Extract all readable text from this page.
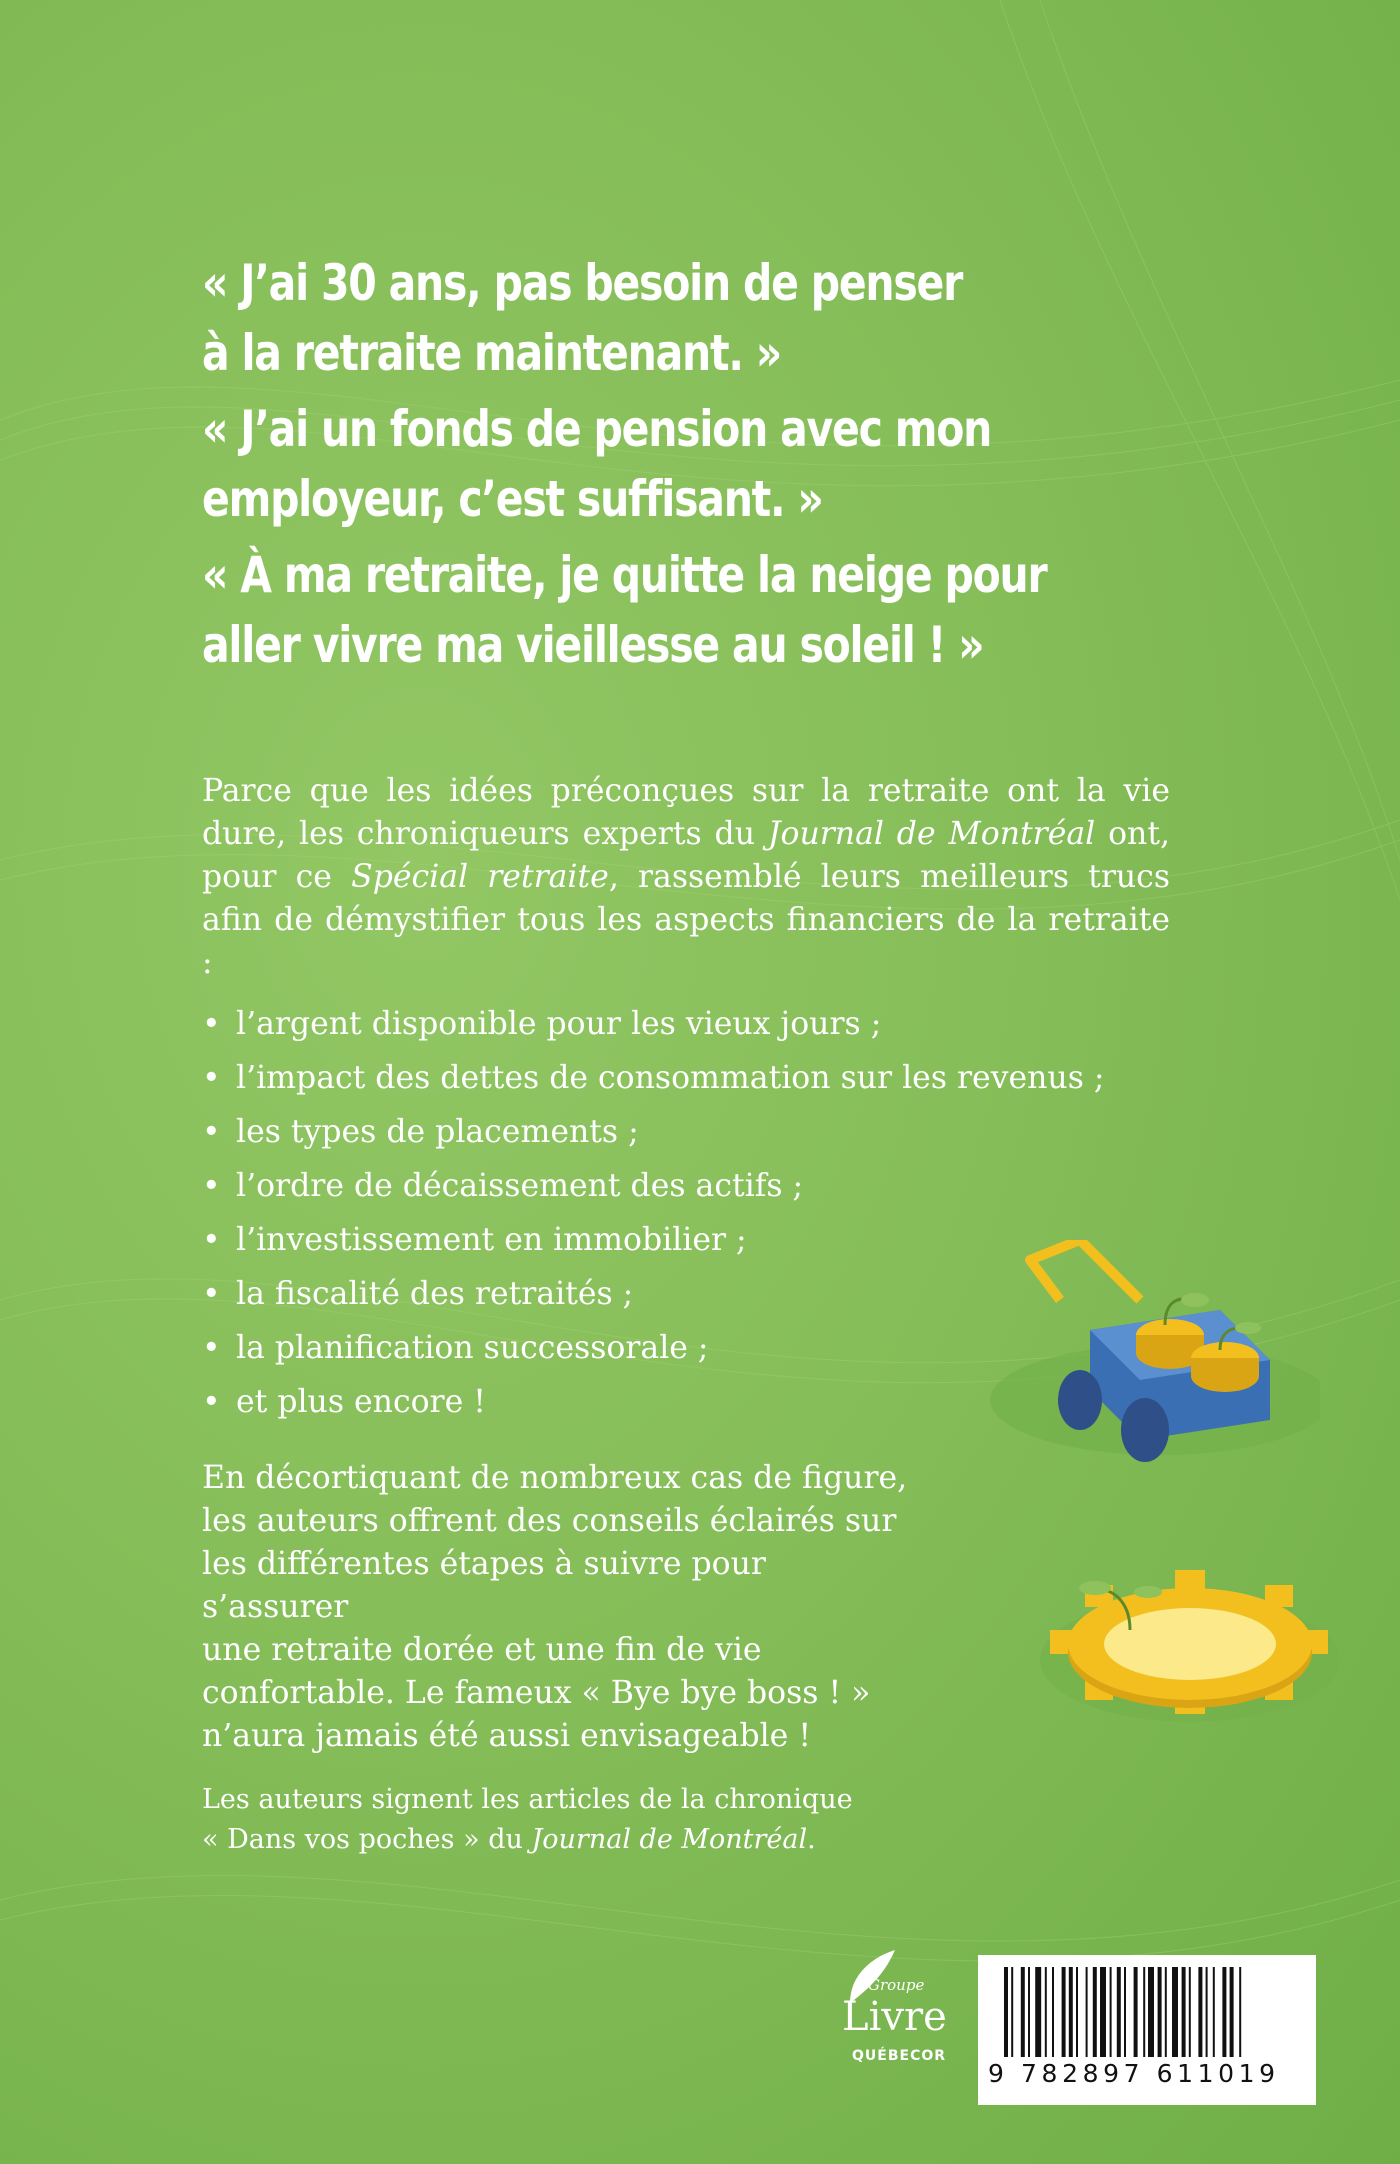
« J’ai 30 ans, pas besoin de penser
à la retraite maintenant. »
« J’ai un fonds de pension avec mon
employeur, c’est suffisant. »
« À ma retraite, je quitte la neige pour
aller vivre ma vieillesse au soleil ! »

Parce que les idées préconçues sur la retraite ont la vie dure, les chroniqueurs experts du Journal de Montréal ont, pour ce Spécial retraite, rassemblé leurs meilleurs trucs afin de démystifier tous les aspects financiers de la retraite :

• l’argent disponible pour les vieux jours ;
• l’impact des dettes de consommation sur les revenus ;
• les types de placements ;
• l’ordre de décaissement des actifs ;
• l’investissement en immobilier ;
• la fiscalité des retraités ;
• la planification successorale ;
• et plus encore !

En décortiquant de nombreux cas de figure,
les auteurs offrent des conseils éclairés sur
les différentes étapes à suivre pour s’assurer
une retraite dorée et une fin de vie
confortable. Le fameux « Bye bye boss ! »
n’aura jamais été aussi envisageable !

Les auteurs signent les articles de la chronique
« Dans vos poches » du Journal de Montréal.
Groupe
Livre
QUÉBECOR
9 782897 611019
